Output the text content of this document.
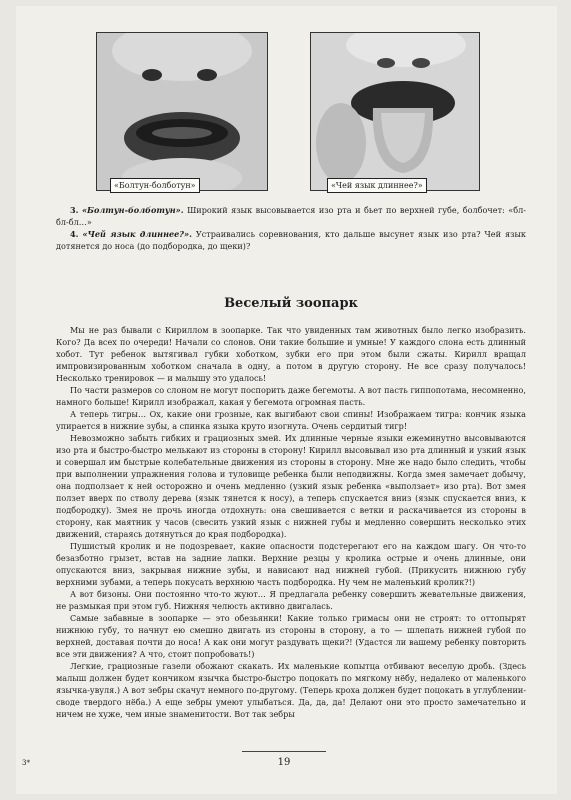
«Болтун-болботун»	«Чей язык длиннее?»

3. «Болтун-болботун». Широкий язык высовывается изо рта и бьет по верхней губе, болбочет: «бл-бл-бл…»

4. «Чей язык длиннее?». Устраивались соревнования, кто дальше высунет язык изо рта? Чей язык дотянется до носа (до подбородка, до щеки)?

Веселый зоопарк

Мы не раз бывали с Кириллом в зоопарке. Так что увиденных там животных было легко изобразить. Кого? Да всех по очереди! Начали со слонов. Они такие большие и умные! У каждого слона есть длинный хобот. Тут ребенок вытягивал губки хоботком, зубки его при этом были сжаты. Кирилл вращал импровизированным хоботком сначала в одну, а потом в другую сторону. Не все сразу получалось! Несколько тренировок — и малышу это удалось!

По части размеров со слоном не могут поспорить даже бегемоты. А вот пасть гиппопотама, несомненно, намного больше! Кирилл изображал, какая у бегемота огромная пасть.

А теперь тигры… Ох, какие они грозные, как выгибают свои спины! Изображаем тигра: кончик языка упирается в нижние зубы, а спинка языка круто изогнута. Очень сердитый тигр!

Невозможно забыть гибких и грациозных змей. Их длинные черные языки ежеминутно высовываются изо рта и быстро-быстро мелькают из стороны в сторону! Кирилл высовывал изо рта длинный и узкий язык и совершал им быстрые колебательные движения из стороны в сторону. Мне же надо было следить, чтобы при выполнении упражнения голова и туловище ребенка были неподвижны. Когда змея замечает добычу, она подползает к ней осторожно и очень медленно (узкий язык ребенка «выползает» изо рта). Вот змея ползет вверх по стволу дерева (язык тянется к носу), а теперь спускается вниз (язык спускается вниз, к подбородку). Змея не прочь иногда отдохнуть: она свешивается с ветки и раскачивается из стороны в сторону, как маятник у часов (свесить узкий язык с нижней губы и медленно совершить несколько этих движений, стараясь дотянуться до края подбородка).

Пушистый кролик и не подозревает, какие опасности подстерегают его на каждом шагу. Он что-то безазботно грызет, встав на задние лапки. Верхние резцы у кролика острые и очень длинные, они опускаются вниз, закрывая нижние зубы, и нависают над нижней губой. (Прикусить нижнюю губу верхними зубами, а теперь покусать верхнюю часть подбородка. Ну чем не маленький кролик?!)

А вот бизоны. Они постоянно что-то жуют… Я предлагала ребенку совершить жевательные движения, не размыкая при этом губ. Нижняя челюсть активно двигалась.

Самые забавные в зоопарке — это обезьянки! Какие только гримасы они не строят: то оттопырят нижнюю губу, то начнут ею смешно двигать из стороны в сторону, а то — шлепать нижней губой по верхней, доставая почти до носа! А как они могут раздувать щеки?! (Удастся ли вашему ребенку повторить все эти движения? А что, стоит попробовать!)

Легкие, грациозные газели обожают скакать. Их маленькие копытца отбивают веселую дробь. (Здесь малыш должен будет кончиком язычка быстро-быстро поцокать по мягкому нёбу, недалеко от маленького язычка-увуля.) А вот зебры скачут немного по-другому. (Теперь кроха должен будет поцокать в углублении-своде твердого нёба.) А еще зебры умеют улыбаться. Да, да, да! Делают они это просто замечательно и ничем не хуже, чем иные знаменитости. Вот так зебры

19
3*
